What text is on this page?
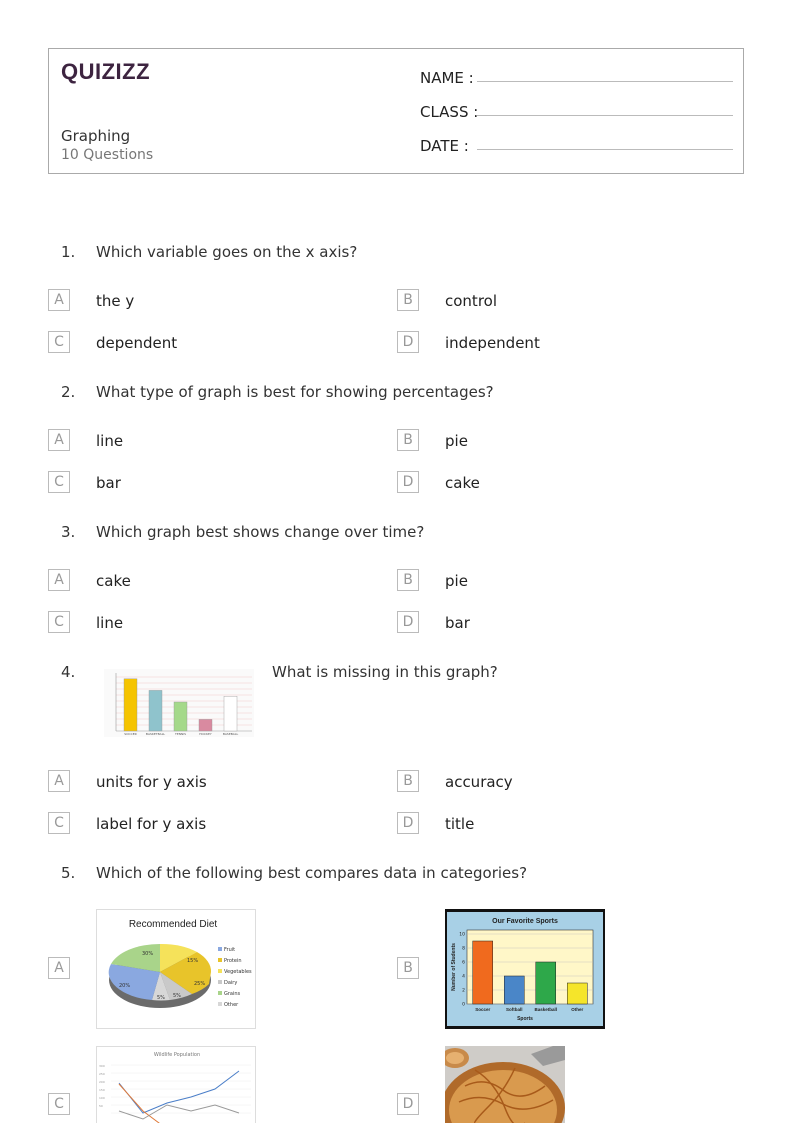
QUIZIZZ
Graphing
10 Questions
NAME :
CLASS :
DATE :
1. Which variable goes on the x axis?
A	the y	B	control
C	dependent	D	independent
2. What type of graph is best for showing percentages?
A	line	B	pie
C	bar	D	cake
3. Which graph best shows change over time?
A	cake	B	pie
C	line	D	bar
4.
SOCCER	BASKETBALL	TENNIS	HOCKEY	BASEBALL
What is missing in this graph?
A	units for y axis	B	accuracy
C	label for y axis	D	title
5. Which of the following best compares data in categories?
A
Recommended Diet
30%
15%
25%
5%
5%
20%
Fruit
Protein
Vegetables
Dairy
Grains
Other
B
Our Favorite Sports
0
2
4
6
8
10
Soccer	Softball	Basketball	Other
Sports
Number of Students
C
Wildlife Population
300
250
200
150
100
50	D
